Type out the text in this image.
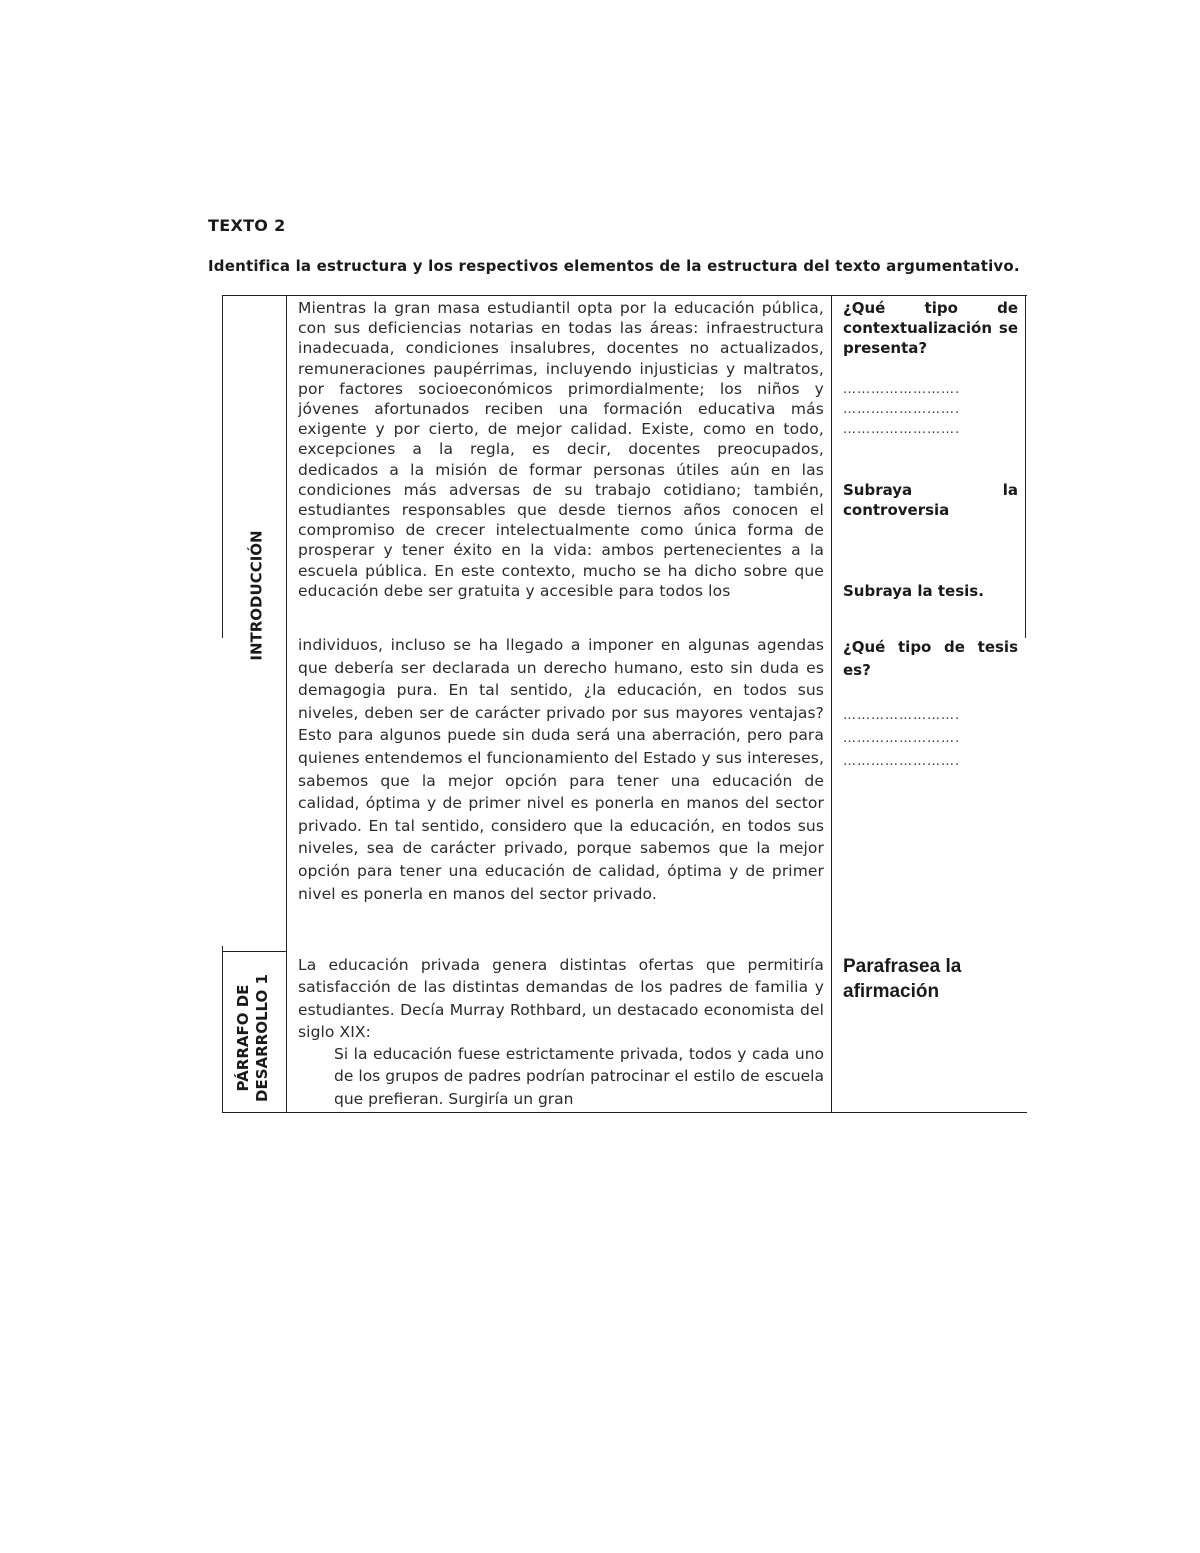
TEXTO 2
Identifica la estructura y los respectivos elementos de la estructura del texto argumentativo.
INTRODUCCIÓN
PÁRRAFO DE DESARROLLO 1

Mientras la gran masa estudiantil opta por la educación pública, con sus deficiencias notarias en todas las áreas: infraestructura inadecuada, condiciones insalubres, docentes no actualizados, remuneraciones paupérrimas, incluyendo injusticias y maltratos, por factores socioeconómicos primordialmente; los niños y jóvenes afortunados reciben una formación educativa más exigente y por cierto, de mejor calidad. Existe, como en todo, excepciones a la regla, es decir, docentes preocupados, dedicados a la misión de formar personas útiles aún en las condiciones más adversas de su trabajo cotidiano; también, estudiantes responsables que desde tiernos años conocen el compromiso de crecer intelectualmente como única forma de prosperar y tener éxito en la vida: ambos pertenecientes a la escuela pública. En este contexto, mucho se ha dicho sobre que educación debe ser gratuita y accesible para todos los

individuos, incluso se ha llegado a imponer en algunas agendas que debería ser declarada un derecho humano, esto sin duda es demagogia pura. En tal sentido, ¿la educación, en todos sus niveles, deben ser de carácter privado por sus mayores ventajas? Esto para algunos puede sin duda será una aberración, pero para quienes entendemos el funcionamiento del Estado y sus intereses, sabemos que la mejor opción para tener una educación de calidad, óptima y de primer nivel es ponerla en manos del sector privado. En tal sentido, considero que la educación, en todos sus niveles, sea de carácter privado, porque sabemos que la mejor opción para tener una educación de calidad, óptima y de primer nivel es ponerla en manos del sector privado.

La educación privada genera distintas ofertas que permitiría satisfacción de las distintas demandas de los padres de familia y estudiantes. Decía Murray Rothbard, un destacado economista del siglo XIX:

Si la educación fuese estrictamente privada, todos y cada uno de los grupos de padres podrían patrocinar el estilo de escuela que prefieran. Surgiría un gran

¿Qué tipo de contextualización se presenta?

…………………….
…………………….
…………………….

Subraya la controversia

Subraya la tesis.

¿Qué tipo de tesis es?

…………………….
…………………….
…………………….

Parafrasea la afirmación
